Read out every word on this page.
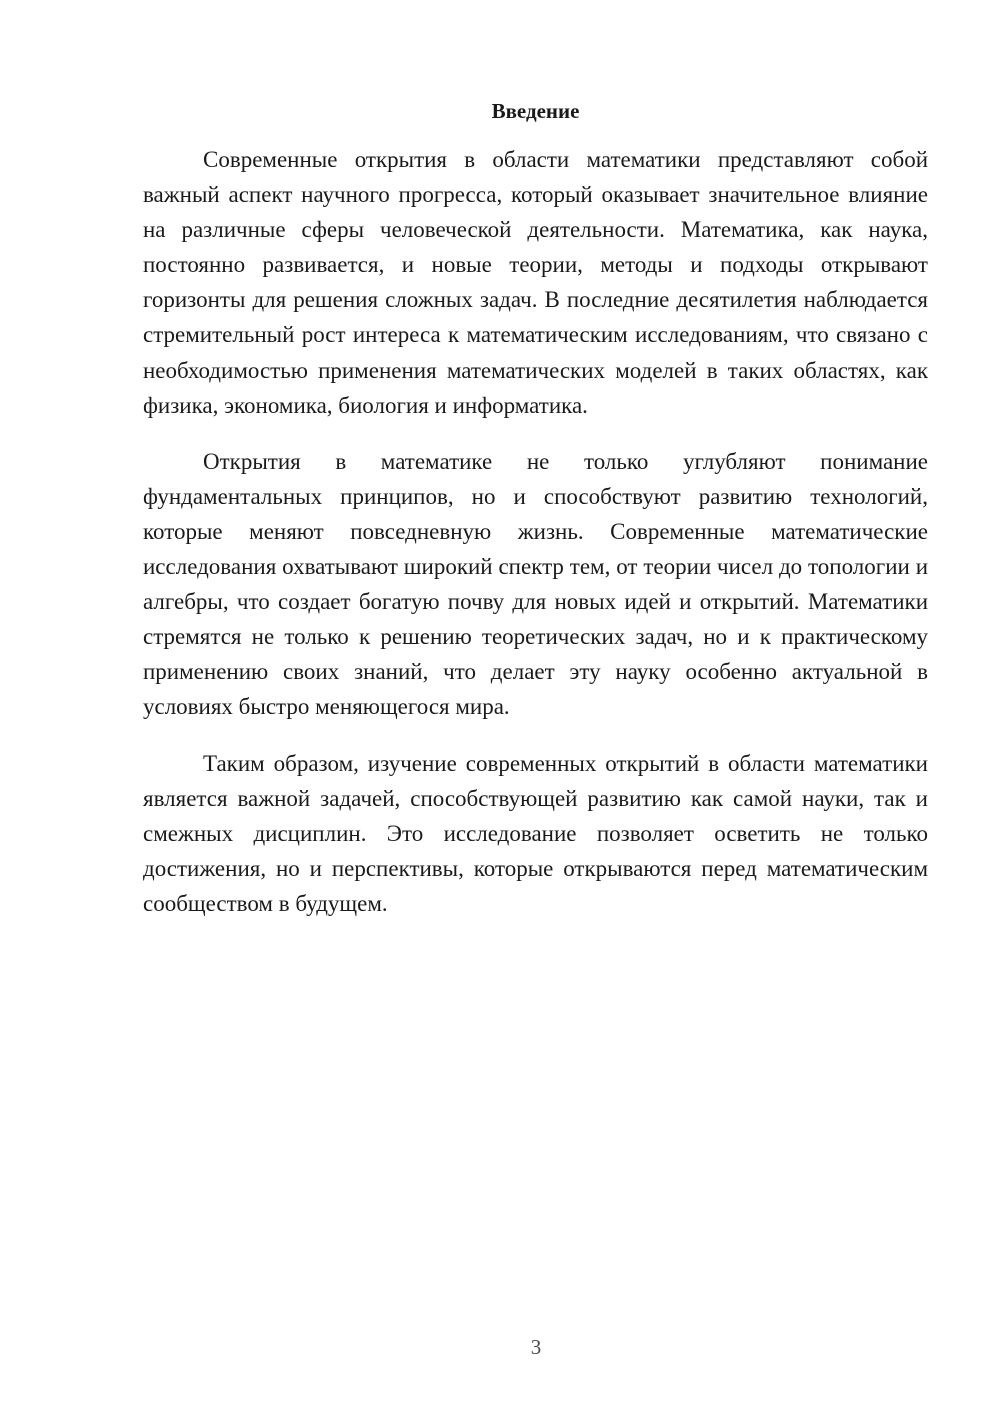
Введение

Современные открытия в области математики представляют собой важный аспект научного прогресса, который оказывает значительное влияние на различные сферы человеческой деятельности. Математика, как наука, постоянно развивается, и новые теории, методы и подходы открывают горизонты для решения сложных задач. В последние десятилетия наблюдается стремительный рост интереса к математическим исследованиям, что связано с необходимостью применения математических моделей в таких областях, как физика, экономика, биология и информатика.

Открытия в математике не только углубляют понимание фундаментальных принципов, но и способствуют развитию технологий, которые меняют повседневную жизнь. Современные математические исследования охватывают широкий спектр тем, от теории чисел до топологии и алгебры, что создает богатую почву для новых идей и открытий. Математики стремятся не только к решению теоретических задач, но и к практическому применению своих знаний, что делает эту науку особенно актуальной в условиях быстро меняющегося мира.

Таким образом, изучение современных открытий в области математики является важной задачей, способствующей развитию как самой науки, так и смежных дисциплин. Это исследование позволяет осветить не только достижения, но и перспективы, которые открываются перед математическим сообществом в будущем.

3
